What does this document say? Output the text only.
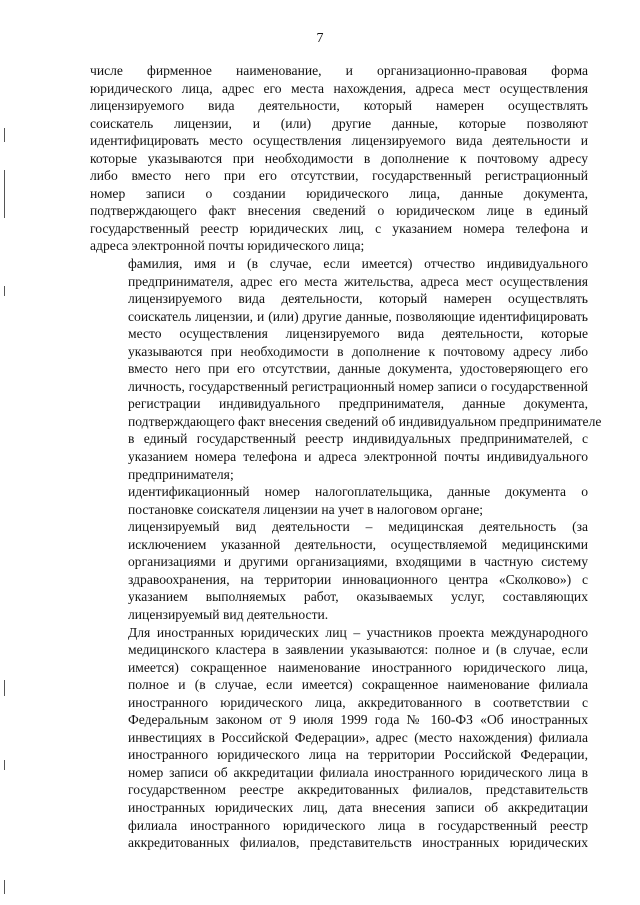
7

числе фирменное наименование, и организационно-правовая форма
юридического лица, адрес его места нахождения, адреса мест осуществления
лицензируемого вида деятельности, который намерен осуществлять
соискатель лицензии, и (или) другие данные, которые позволяют
идентифицировать место осуществления лицензируемого вида деятельности и
которые указываются при необходимости в дополнение к почтовому адресу
либо вместо него при его отсутствии, государственный регистрационный
номер записи о создании юридического лица, данные документа,
подтверждающего факт внесения сведений о юридическом лице в единый
государственный реестр юридических лиц, с указанием номера телефона и
адреса электронной почты юридического лица;

фамилия, имя и (в случае, если имеется) отчество индивидуального
предпринимателя, адрес его места жительства, адреса мест осуществления
лицензируемого вида деятельности, который намерен осуществлять
соискатель лицензии, и (или) другие данные, позволяющие идентифицировать
место осуществления лицензируемого вида деятельности, которые
указываются при необходимости в дополнение к почтовому адресу либо
вместо него при его отсутствии, данные документа, удостоверяющего его
личность, государственный регистрационный номер записи о государственной
регистрации индивидуального предпринимателя, данные документа,
подтверждающего факт внесения сведений об индивидуальном предпринимателе
в единый государственный реестр индивидуальных предпринимателей, с
указанием номера телефона и адреса электронной почты индивидуального
предпринимателя;

идентификационный номер налогоплательщика, данные документа о
постановке соискателя лицензии на учет в налоговом органе;

лицензируемый вид деятельности – медицинская деятельность (за
исключением указанной деятельности, осуществляемой медицинскими
организациями и другими организациями, входящими в частную систему
здравоохранения, на территории инновационного центра «Сколково») с
указанием выполняемых работ, оказываемых услуг, составляющих
лицензируемый вид деятельности.

Для иностранных юридических лиц – участников проекта международного
медицинского кластера в заявлении указываются: полное и (в случае, если
имеется) сокращенное наименование иностранного юридического лица,
полное и (в случае, если имеется) сокращенное наименование филиала
иностранного юридического лица, аккредитованного в соответствии с
Федеральным законом от 9 июля 1999 года № 160-ФЗ «Об иностранных
инвестициях в Российской Федерации», адрес (место нахождения) филиала
иностранного юридического лица на территории Российской Федерации,
номер записи об аккредитации филиала иностранного юридического лица в
государственном реестре аккредитованных филиалов, представительств
иностранных юридических лиц, дата внесения записи об аккредитации
филиала иностранного юридического лица в государственный реестр
аккредитованных филиалов, представительств иностранных юридических
